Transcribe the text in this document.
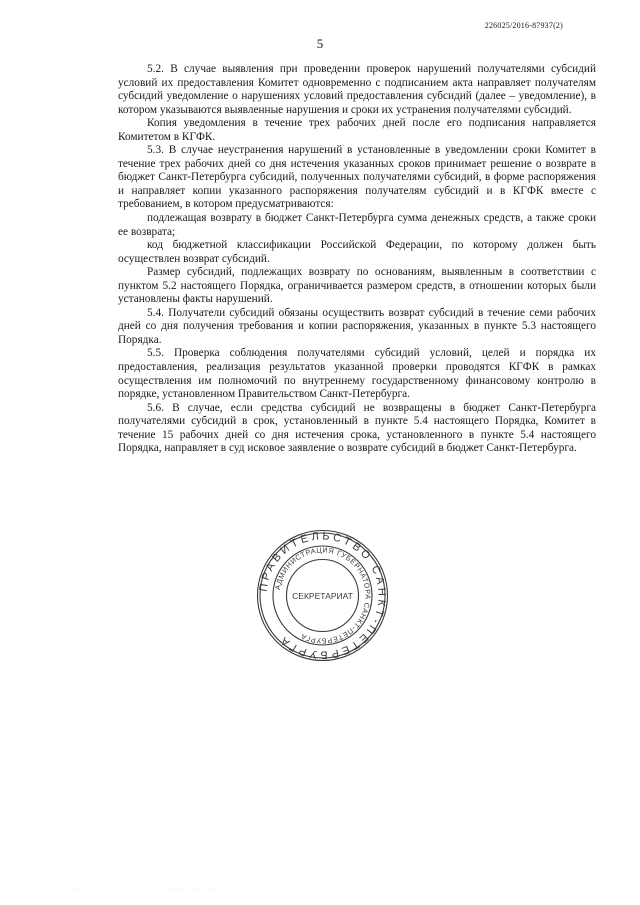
226025/2016-87937(2)
5

5.2. В случае выявления при проведении проверок нарушений получателями субсидий условий их предоставления Комитет одновременно с подписанием акта направляет получателям субсидий уведомление о нарушениях условий предоставления субсидий (далее – уведомление), в котором указываются выявленные нарушения и сроки их устранения получателями субсидий.

Копия уведомления в течение трех рабочих дней после его подписания направляется Комитетом в КГФК.

5.3. В случае неустранения нарушений в установленные в уведомлении сроки Комитет в течение трех рабочих дней со дня истечения указанных сроков принимает решение о возврате в бюджет Санкт-Петербурга субсидий, полученных получателями субсидий, в форме распоряжения и направляет копии указанного распоряжения получателям субсидий и в КГФК вместе с требованием, в котором предусматриваются:

подлежащая возврату в бюджет Санкт-Петербурга сумма денежных средств, а также сроки ее возврата;

код бюджетной классификации Российской Федерации, по которому должен быть осуществлен возврат субсидий.

Размер субсидий, подлежащих возврату по основаниям, выявленным в соответствии с пунктом 5.2 настоящего Порядка, ограничивается размером средств, в отношении которых были установлены факты нарушений.

5.4. Получатели субсидий обязаны осуществить возврат субсидий в течение семи рабочих дней со дня получения требования и копии распоряжения, указанных в пункте 5.3 настоящего Порядка.

5.5. Проверка соблюдения получателями субсидий условий, целей и порядка их предоставления, реализация результатов указанной проверки проводятся КГФК в рамках осуществления им полномочий по внутреннему государственному финансовому контролю в порядке, установленном Правительством Санкт-Петербурга.

5.6. В случае, если средства субсидий не возвращены в бюджет Санкт-Петербурга получателями субсидий в срок, установленный в пункте 5.4 настоящего Порядка, Комитет в течение 15 рабочих дней со дня истечения срока, установленного в пункте 5.4 настоящего Порядка, направляет в суд исковое заявление о возврате субсидий в бюджет Санкт-Петербурга.

ПРАВИТЕЛЬСТВО САНКТ-ПЕТЕРБУРГА
АДМИНИСТРАЦИЯ ГУБЕРНАТОРА САНКТ-ПЕТЕРБУРГА
СЕКРЕТАРИАТ
· · · ·	· · · · · · · · · ·
